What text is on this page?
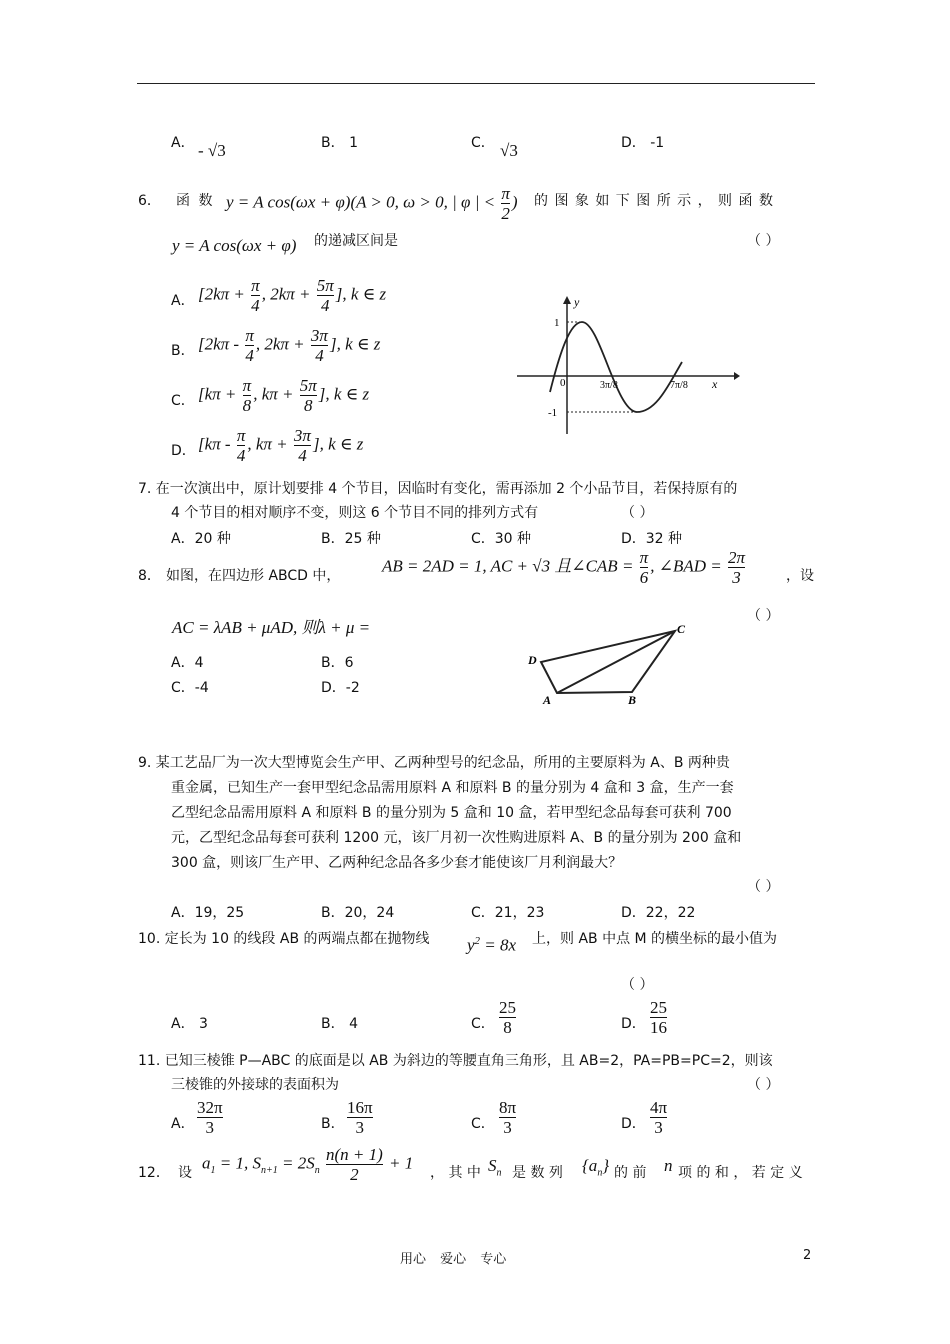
A． - √3	B． 1	C． √3	D． -1
6． 函 数 y = A cos(ωx + φ)(A > 0, ω > 0, | φ | < $\frac{\pi}{2}$ ) 的 图 象 如 下 图 所 示 ， 则 函 数
y = A cos(ωx + φ) 的递减区间是	（ ）
A． [$2k\pi + \frac{\pi}{4}$ , $2k\pi + \frac{5\pi}{4}$ ], k ∈ z
B． [$2k\pi - \frac{\pi}{4}$ , $2k\pi + \frac{3\pi}{4}$ ], k ∈ z
C． [$k\pi + \frac{\pi}{8}$ , $k\pi + \frac{5\pi}{8}$ ], k ∈ z
D． [$k\pi - \frac{\pi}{4}$ , $k\pi + \frac{3\pi}{4}$ ], k ∈ z
y
x
0
1
-1
3π/8	7π/8
7. 在一次演出中，原计划要排 4 个节目，因临时有变化，需再添加 2 个小品节目，若保持原有的
4 个节目的相对顺序不变，则这 6 个节目不同的排列方式有	（ ）
A．20 种	B．25 种	C．30 种	D．32 种
8． 如图，在四边形 ABCD 中，
AB = 2AD = 1, AC + √3 且∠CAB = $\frac{\pi}{6}$ , ∠BAD = $\frac{2\pi}{3}$	，设
AC = λAB + μAD, 则λ + μ =
（ ）
A．4	B．6
C．-4	D．-2
D
A	B
C
9. 某工艺品厂为一次大型博览会生产甲、乙两种型号的纪念品，所用的主要原料为 A、B 两种贵
重金属，已知生产一套甲型纪念品需用原料 A 和原料 B 的量分别为 4 盒和 3 盒，生产一套
乙型纪念品需用原料 A 和原料 B 的量分别为 5 盒和 10 盒，若甲型纪念品每套可获利 700
元，乙型纪念品每套可获利 1200 元，该厂月初一次性购进原料 A、B 的量分别为 200 盒和
300 盒，则该厂生产甲、乙两种纪念品各多少套才能使该厂月利润最大？
（ ）
A．19，25	B．20，24	C．21，23	D．22，22
10. 定长为 10 的线段 AB 的两端点都在抛物线 $y^2 = 8x$ 上，则 AB 中点 M 的横坐标的最小值为
（ ）
A． 3	B． 4	C． $\frac{25}{8}$	D． $\frac{25}{16}$
11. 已知三棱锥 P—ABC 的底面是以 AB 为斜边的等腰直角三角形，且 AB=2，PA=PB=PC=2，则该
三棱锥的外接球的表面积为	（ ）
A． $\frac{32\pi}{3}$	B． $\frac{16\pi}{3}$	C． $\frac{8\pi}{3}$	D． $\frac{4\pi}{3}$
12． 设
$a_1 = 1$, $S_{n+1} = 2S_n \frac{n(n + 1)}{2} + 1$
， 其 中 $S_n$ 是 数 列 $\{a_n\}$ 的 前 n 项 的 和 ， 若 定 义
用心 爱心 专心	2
